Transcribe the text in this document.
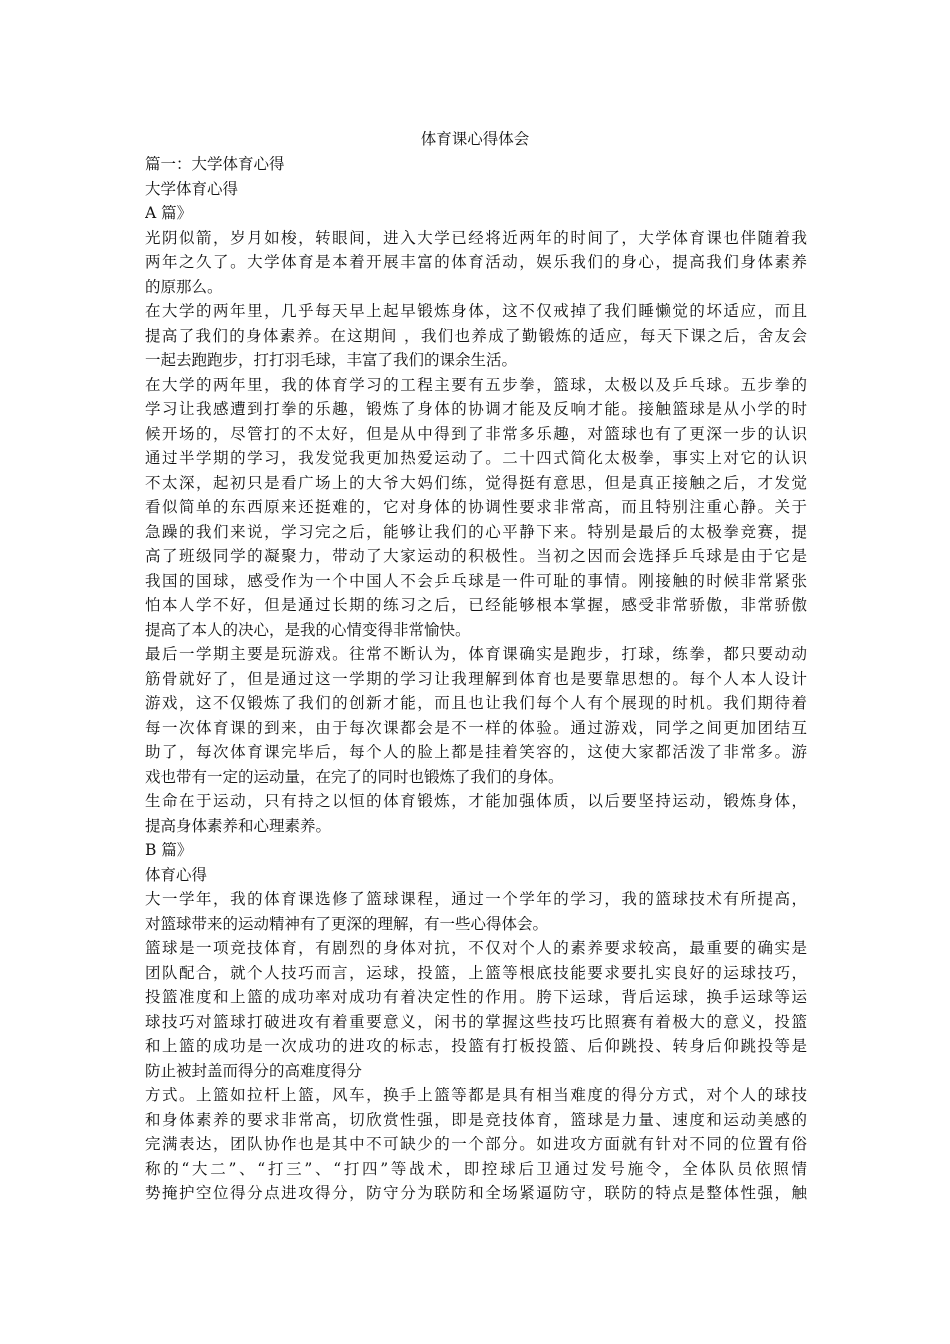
体育课心得体会
篇一：大学体育心得
大学体育心得
A 篇》
光阴似箭，岁月如梭，转眼间，进入大学已经将近两年的时间了，大学体育课也伴随着我
两年之久了。大学体育是本着开展丰富的体育活动，娱乐我们的身心，提高我们身体素养
的原那么。
在大学的两年里，几乎每天早上起早锻炼身体，这不仅戒掉了我们睡懒觉的坏适应，而且
提高了我们的身体素养。在这期间 ，我们也养成了勤锻炼的适应，每天下课之后，舍友会
一起去跑跑步，打打羽毛球，丰富了我们的课余生活。
在大学的两年里，我的体育学习的工程主要有五步拳，篮球，太极以及乒乓球。五步拳的
学习让我感遭到打拳的乐趣，锻炼了身体的协调才能及反响才能。接触篮球是从小学的时
候开场的，尽管打的不太好，但是从中得到了非常多乐趣，对篮球也有了更深一步的认识
通过半学期的学习，我发觉我更加热爱运动了。二十四式简化太极拳，事实上对它的认识
不太深，起初只是看广场上的大爷大妈们练，觉得挺有意思，但是真正接触之后，才发觉
看似简单的东西原来还挺难的，它对身体的协调性要求非常高，而且特别注重心静。关于
急躁的我们来说，学习完之后，能够让我们的心平静下来。特别是最后的太极拳竞赛，提
高了班级同学的凝聚力，带动了大家运动的积极性。当初之因而会选择乒乓球是由于它是
我国的国球，感受作为一个中国人不会乒乓球是一件可耻的事情。刚接触的时候非常紧张
怕本人学不好，但是通过长期的练习之后，已经能够根本掌握，感受非常骄傲，非常骄傲
提高了本人的决心，是我的心情变得非常愉快。
最后一学期主要是玩游戏。往常不断认为，体育课确实是跑步，打球，练拳，都只要动动
筋骨就好了，但是通过这一学期的学习让我理解到体育也是要靠思想的。每个人本人设计
游戏，这不仅锻炼了我们的创新才能，而且也让我们每个人有个展现的时机。我们期待着
每一次体育课的到来，由于每次课都会是不一样的体验。通过游戏，同学之间更加团结互
助了，每次体育课完毕后，每个人的脸上都是挂着笑容的，这使大家都活泼了非常多。游
戏也带有一定的运动量，在完了的同时也锻炼了我们的身体。
生命在于运动，只有持之以恒的体育锻炼，才能加强体质，以后要坚持运动，锻炼身体，
提高身体素养和心理素养。
B 篇》
体育心得
大一学年，我的体育课选修了篮球课程，通过一个学年的学习，我的篮球技术有所提高，
对篮球带来的运动精神有了更深的理解，有一些心得体会。
篮球是一项竞技体育，有剧烈的身体对抗，不仅对个人的素养要求较高，最重要的确实是
团队配合，就个人技巧而言，运球，投篮，上篮等根底技能要求要扎实良好的运球技巧，
投篮准度和上篮的成功率对成功有着决定性的作用。胯下运球，背后运球，换手运球等运
球技巧对篮球打破进攻有着重要意义，闲书的掌握这些技巧比照赛有着极大的意义，投篮
和上篮的成功是一次成功的进攻的标志，投篮有打板投篮、后仰跳投、转身后仰跳投等是
防止被封盖而得分的高难度得分
方式。上篮如拉杆上篮，风车，换手上篮等都是具有相当难度的得分方式，对个人的球技
和身体素养的要求非常高，切欣赏性强，即是竞技体育，篮球是力量、速度和运动美感的
完满表达，团队协作也是其中不可缺少的一个部分。如进攻方面就有针对不同的位置有俗
称的“大二”、“打三”、“打四”等战术，即控球后卫通过发号施令，全体队员依照情
势掩护空位得分点进攻得分，防守分为联防和全场紧逼防守，联防的特点是整体性强，触
